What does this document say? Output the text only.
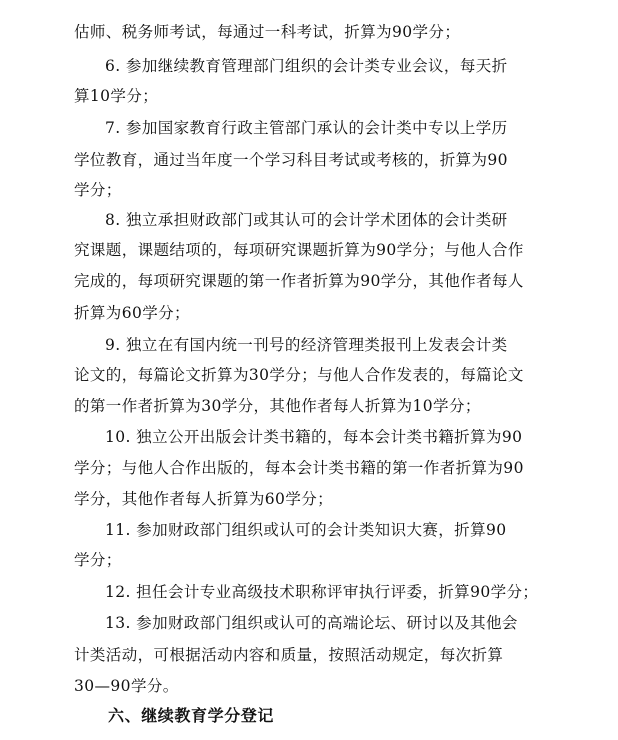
估师、税务师考试，每通过一科考试，折算为90学分；
6. 参加继续教育管理部门组织的会计类专业会议，每天折
算10学分；
7. 参加国家教育行政主管部门承认的会计类中专以上学历
学位教育，通过当年度一个学习科目考试或考核的，折算为90
学分；
8. 独立承担财政部门或其认可的会计学术团体的会计类研
究课题，课题结项的，每项研究课题折算为90学分；与他人合作
完成的，每项研究课题的第一作者折算为90学分，其他作者每人
折算为60学分；
9. 独立在有国内统一刊号的经济管理类报刊上发表会计类
论文的，每篇论文折算为30学分；与他人合作发表的，每篇论文
的第一作者折算为30学分，其他作者每人折算为10学分；
10. 独立公开出版会计类书籍的，每本会计类书籍折算为90
学分；与他人合作出版的，每本会计类书籍的第一作者折算为90
学分，其他作者每人折算为60学分；
11. 参加财政部门组织或认可的会计类知识大赛，折算90
学分；
12. 担任会计专业高级技术职称评审执行评委，折算90学分；
13. 参加财政部门组织或认可的高端论坛、研讨以及其他会
计类活动，可根据活动内容和质量，按照活动规定，每次折算
30—90学分。
六、继续教育学分登记
